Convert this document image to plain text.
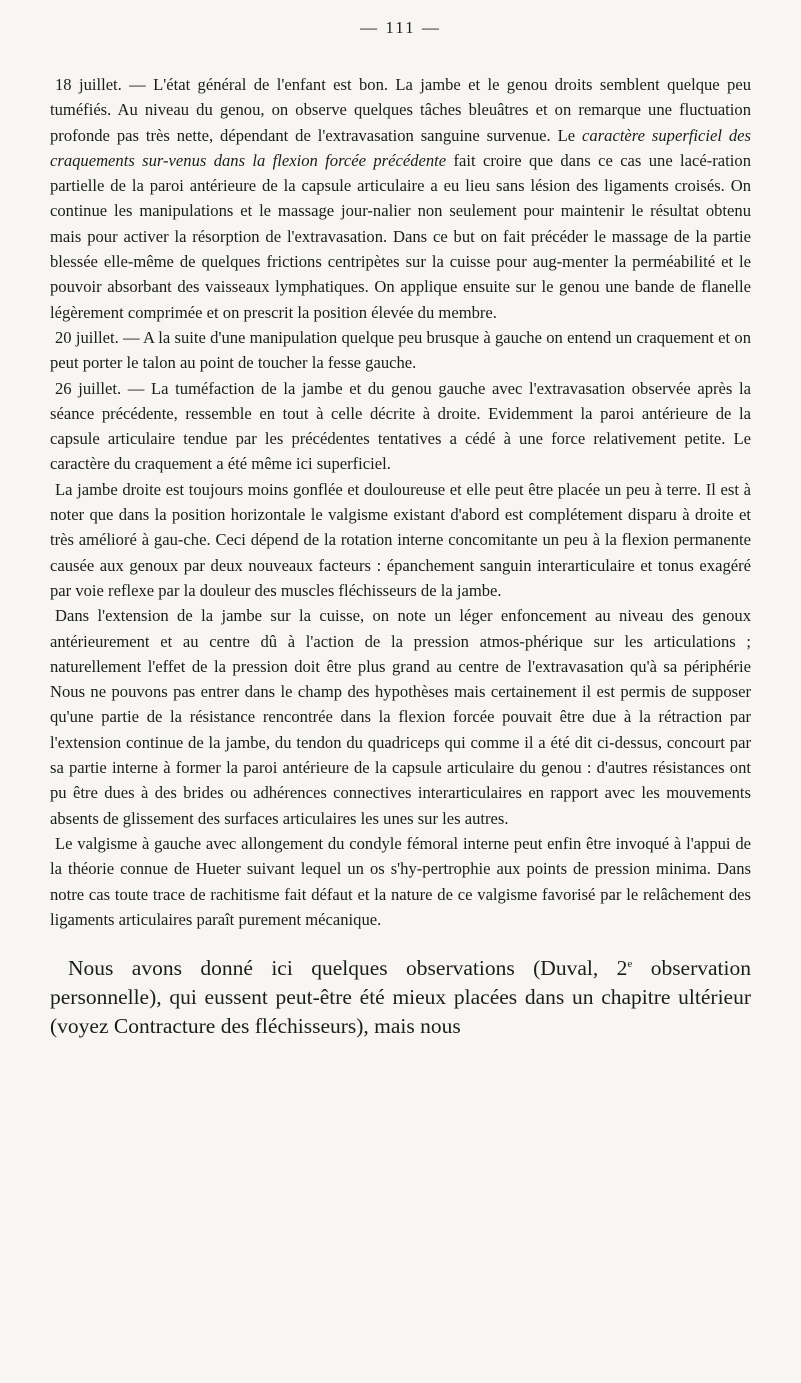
— 111 —

18 juillet. — L'état général de l'enfant est bon. La jambe et le genou droits semblent quelque peu tuméfiés. Au niveau du genou, on observe quelques tâches bleuâtres et on remarque une fluctuation profonde pas très nette, dépendant de l'extravasation sanguine survenue. Le caractère superficiel des craquements sur-venus dans la flexion forcée précédente fait croire que dans ce cas une lacé-ration partielle de la paroi antérieure de la capsule articulaire a eu lieu sans lésion des ligaments croisés. On continue les manipulations et le massage jour-nalier non seulement pour maintenir le résultat obtenu mais pour activer la résorption de l'extravasation. Dans ce but on fait précéder le massage de la partie blessée elle-même de quelques frictions centripètes sur la cuisse pour aug-menter la perméabilité et le pouvoir absorbant des vaisseaux lymphatiques. On applique ensuite sur le genou une bande de flanelle légèrement comprimée et on prescrit la position élevée du membre.

20 juillet. — A la suite d'une manipulation quelque peu brusque à gauche on entend un craquement et on peut porter le talon au point de toucher la fesse gauche.

26 juillet. — La tuméfaction de la jambe et du genou gauche avec l'extravasation observée après la séance précédente, ressemble en tout à celle décrite à droite. Evidemment la paroi antérieure de la capsule articulaire tendue par les précédentes tentatives a cédé à une force relativement petite. Le caractère du craquement a été même ici superficiel.

La jambe droite est toujours moins gonflée et douloureuse et elle peut être placée un peu à terre. Il est à noter que dans la position horizontale le valgisme existant d'abord est complétement disparu à droite et très amélioré à gau-che. Ceci dépend de la rotation interne concomitante un peu à la flexion permanente causée aux genoux par deux nouveaux facteurs : épanchement sanguin interarticulaire et tonus exagéré par voie reflexe par la douleur des muscles fléchisseurs de la jambe.

Dans l'extension de la jambe sur la cuisse, on note un léger enfoncement au niveau des genoux antérieurement et au centre dû à l'action de la pression atmos-phérique sur les articulations ; naturellement l'effet de la pression doit être plus grand au centre de l'extravasation qu'à sa périphérie Nous ne pouvons pas entrer dans le champ des hypothèses mais certainement il est permis de supposer qu'une partie de la résistance rencontrée dans la flexion forcée pouvait être due à la rétraction par l'extension continue de la jambe, du tendon du quadriceps qui comme il a été dit ci-dessus, concourt par sa partie interne à former la paroi antérieure de la capsule articulaire du genou : d'autres résistances ont pu être dues à des brides ou adhérences connectives interarticulaires en rapport avec les mouvements absents de glissement des surfaces articulaires les unes sur les autres.

Le valgisme à gauche avec allongement du condyle fémoral interne peut enfin être invoqué à l'appui de la théorie connue de Hueter suivant lequel un os s'hy-pertrophie aux points de pression minima. Dans notre cas toute trace de rachitisme fait défaut et la nature de ce valgisme favorisé par le relâchement des ligaments articulaires paraît purement mécanique.

Nous avons donné ici quelques observations (Duval, 2e observation personnelle), qui eussent peut-être été mieux placées dans un chapitre ultérieur (voyez Contracture des fléchisseurs), mais nous
